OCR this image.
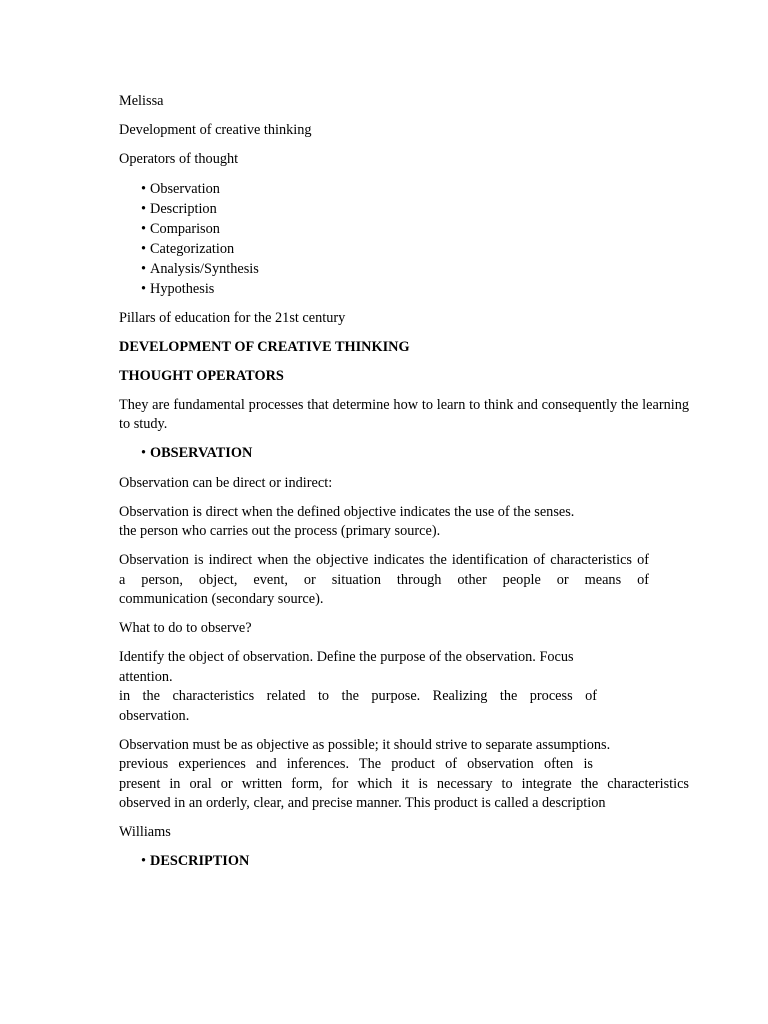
Melissa

Development of creative thinking

Operators of thought

• Observation
• Description
• Comparison
• Categorization
• Analysis/Synthesis
• Hypothesis

Pillars of education for the 21st century

DEVELOPMENT OF CREATIVE THINKING

THOUGHT OPERATORS

They are fundamental processes that determine how to learn to think and consequently the learning to study.

• OBSERVATION

Observation can be direct or indirect:

Observation is direct when the defined objective indicates the use of the senses.
the person who carries out the process (primary source).

Observation is indirect when the objective indicates the identification of characteristics of
a person, object, event, or situation through other people or means of
communication (secondary source).

What to do to observe?

Identify the object of observation. Define the purpose of the observation. Focus attention.
in the characteristics related to the purpose. Realizing the process of
observation.

Observation must be as objective as possible; it should strive to separate assumptions.
previous experiences and inferences. The product of observation often is
present in oral or written form, for which it is necessary to integrate the characteristics
observed in an orderly, clear, and precise manner. This product is called a description

Williams

• DESCRIPTION
